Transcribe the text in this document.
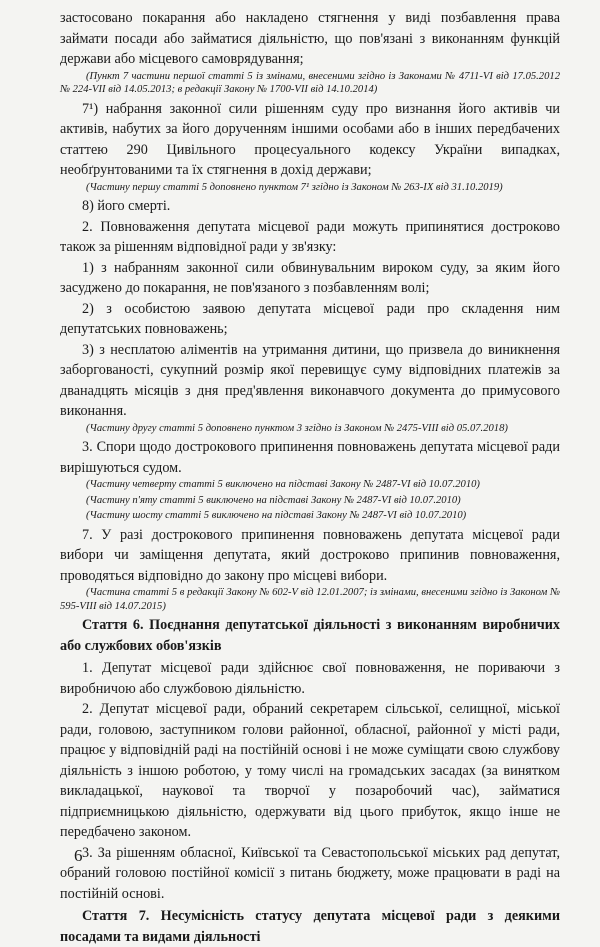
застосовано покарання або накладено стягнення у виді позбавлення права займати посади або займатися діяльністю, що пов'язані з виконанням функцій держави або місцевого самоврядування;

(Пункт 7 частини першої статті 5 із змінами, внесеними згідно із Законами № 4711-VI від 17.05.2012 № 224-VII від 14.05.2013; в редакції Закону № 1700-VII від 14.10.2014)

7¹) набрання законної сили рішенням суду про визнання його активів чи активів, набутих за його дорученням іншими особами або в інших передбачених статтею 290 Цивільного процесуального кодексу України випадках, необґрунтованими та їх стягнення в дохід держави;

(Частину першу статті 5 доповнено пунктом 7¹ згідно із Законом № 263-IX від 31.10.2019)

8) його смерті.

2. Повноваження депутата місцевої ради можуть припинятися достроково також за рішенням відповідної ради у зв'язку:

1) з набранням законної сили обвинувальним вироком суду, за яким його засуджено до покарання, не пов'язаного з позбавленням волі;

2) з особистою заявою депутата місцевої ради про складення ним депутатських повноважень;

3) з несплатою аліментів на утримання дитини, що призвела до виникнення заборгованості, сукупний розмір якої перевищує суму відповідних платежів за дванадцять місяців з дня пред'явлення виконавчого документа до примусового виконання.

(Частину другу статті 5 доповнено пунктом 3 згідно із Законом № 2475-VIII від 05.07.2018)

3. Спори щодо дострокового припинення повноважень депутата місцевої ради вирішуються судом.

(Частину четверту статті 5 виключено на підставі Закону № 2487-VI від 10.07.2010)

(Частину п'яту статті 5 виключено на підставі Закону № 2487-VI від 10.07.2010)

(Частину шосту статті 5 виключено на підставі Закону № 2487-VI від 10.07.2010)

7. У разі дострокового припинення повноважень депутата місцевої ради вибори чи заміщення депутата, який достроково припинив повноваження, проводяться відповідно до закону про місцеві вибори.

(Частина статті 5 в редакції Закону № 602-V від 12.01.2007; із змінами, внесеними згідно із Законом № 595-VIII від 14.07.2015)

Стаття 6. Поєднання депутатської діяльності з виконанням виробничих або службових обов'язків

1. Депутат місцевої ради здійснює свої повноваження, не пориваючи з виробничою або службовою діяльністю.

2. Депутат місцевої ради, обраний секретарем сільської, селищної, міської ради, головою, заступником голови районної, обласної, районної у місті ради, працює у відповідній раді на постійній основі і не може суміщати свою службову діяльність з іншою роботою, у тому числі на громадських засадах (за винятком викладацької, наукової та творчої у позаробочий час), займатися підприємницькою діяльністю, одержувати від цього прибуток, якщо інше не передбачено законом.

3. За рішенням обласної, Київської та Севастопольської міських рад депутат, обраний головою постійної комісії з питань бюджету, може працювати в раді на постійній основі.

Стаття 7. Несумісність статусу депутата місцевої ради з деякими посадами та видами діяльності

6
